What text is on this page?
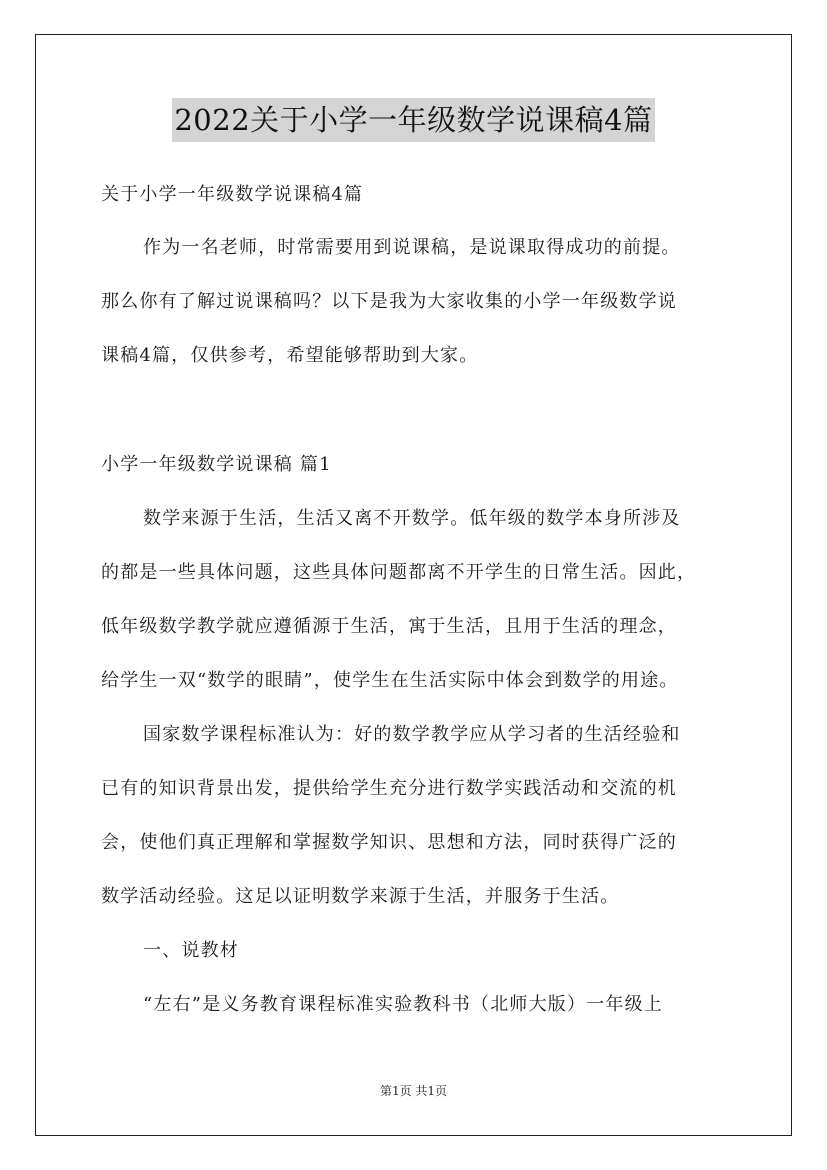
2022关于小学一年级数学说课稿4篇
关于小学一年级数学说课稿4篇
作为一名老师，时常需要用到说课稿，是说课取得成功的前提。
那么你有了解过说课稿吗？以下是我为大家收集的小学一年级数学说
课稿4篇，仅供参考，希望能够帮助到大家。
小学一年级数学说课稿 篇1
数学来源于生活，生活又离不开数学。低年级的数学本身所涉及
的都是一些具体问题，这些具体问题都离不开学生的日常生活。因此，
低年级数学教学就应遵循源于生活，寓于生活，且用于生活的理念，
给学生一双“数学的眼睛”，使学生在生活实际中体会到数学的用途。
国家数学课程标准认为：好的数学教学应从学习者的生活经验和
已有的知识背景出发，提供给学生充分进行数学实践活动和交流的机
会，使他们真正理解和掌握数学知识、思想和方法，同时获得广泛的
数学活动经验。这足以证明数学来源于生活，并服务于生活。
一、说教材
“左右”是义务教育课程标准实验教科书（北师大版）一年级上
第1页 共1页
